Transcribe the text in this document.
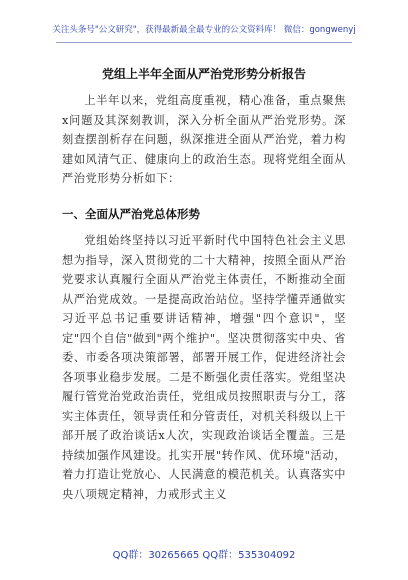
关注头条号"公文研究"，获得最新最全最专业的公文资料库！ 微信：gongwenyj
党组上半年全面从严治党形势分析报告
上半年以来，党组高度重视，精心准备，重点聚焦x问题及其深刻教训，深入分析全面从严治党形势。深刻查摆剖析存在问题，纵深推进全面从严治党，着力构建如风清气正、健康向上的政治生态。现将党组全面从严治党形势分析如下：
一、全面从严治党总体形势
党组始终坚持以习近平新时代中国特色社会主义思想为指导，深入贯彻党的二十大精神，按照全面从严治党要求认真履行全面从严治党主体责任，不断推动全面从严治党成效。一是提高政治站位。坚持学懂弄通做实习近平总书记重要讲话精神，增强"四个意识"，坚定"四个自信"做到"两个维护"。坚决贯彻落实中央、省委、市委各项决策部署，部署开展工作，促进经济社会各项事业稳步发展。二是不断强化责任落实。党组坚决履行管党治党政治责任，党组成员按照职责与分工，落实主体责任，领导责任和分管责任，对机关科级以上干部开展了政治谈话x人次，实现政治谈话全覆盖。三是持续加强作风建设。扎实开展"转作风、优环境"活动，着力打造让党放心、人民满意的模范机关。认真落实中央八项规定精神，力戒形式主义
QQ群：30265665 QQ群：535304092
